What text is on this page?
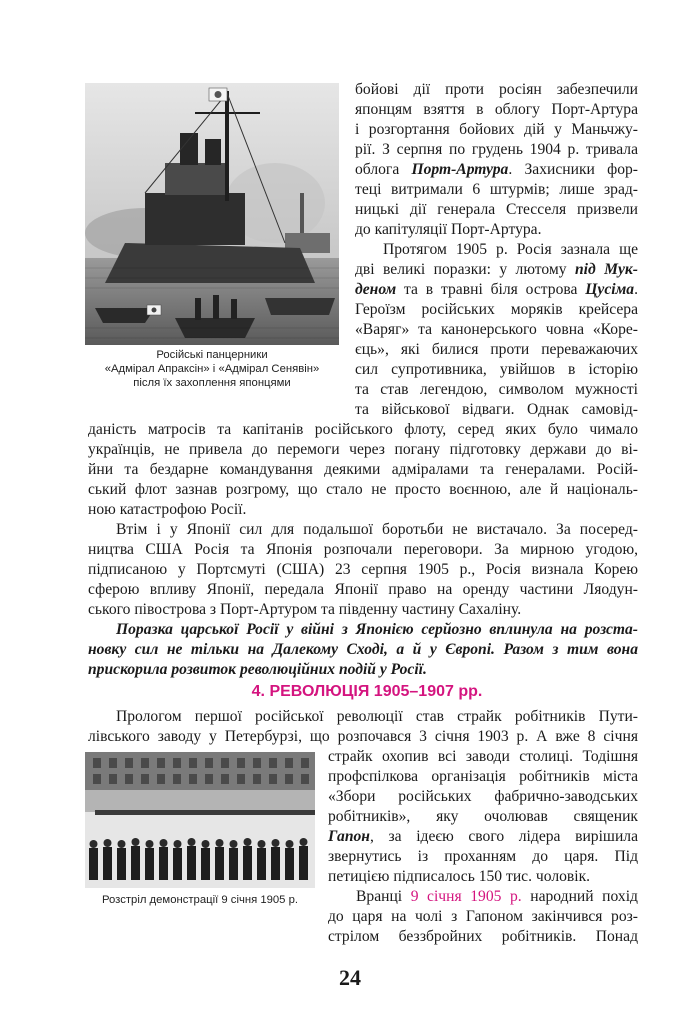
Російські панцерники
«Адмірал Апраксін» і «Адмірал Сенявін»
після їх захоплення японцями
бойові дії проти росіян забезпечили
японцям взяття в облогу Порт-Артура
і розгортання бойових дій у Маньчжу-
рії. З серпня по грудень 1904 р. тривала
облога Порт-Артура. Захисники фор-
теці витримали 6 штурмів; лише зрад-
ницькі дії генерала Стесселя призвели
до капітуляції Порт-Артура.
Протягом 1905 р. Росія зазнала ще
дві великі поразки: у лютому під Мук-
деном та в травні біля острова Цусіма.
Героїзм російських моряків крейсера
«Варяг» та канонерського човна «Коре-
єць», які билися проти переважаючих
сил супротивника, увійшов в історію
та став легендою, символом мужності
та військової відваги. Однак самовід-
даність матросів та капітанів російського флоту, серед яких було чимало
українців, не привела до перемоги через погану підготовку держави до ві-
йни та бездарне командування деякими адміралами та генералами. Росій-
ський флот зазнав розгрому, що стало не просто воєнною, але й національ-
ною катастрофою Росії.
Втім і у Японії сил для подальшої боротьби не вистачало. За посеред-
ництва США Росія та Японія розпочали переговори. За мирною угодою,
підписаною у Портсмуті (США) 23 серпня 1905 р., Росія визнала Корею
сферою впливу Японії, передала Японії право на оренду частини Ляодун-
ського півострова з Порт-Артуром та південну частину Сахаліну.
Поразка царської Росії у війні з Японією серйозно вплинула на розста-
новку сил не тільки на Далекому Сході, а й у Європі. Разом з тим вона
прискорила розвиток революційних подій у Росії.
4. РЕВОЛЮЦІЯ 1905–1907 рр.
Прологом першої російської революції став страйк робітників Пути-
лівського заводу у Петербурзі, що розпочався 3 січня 1903 р. А вже 8 січня
Розстріл демонстрації 9 січня 1905 р.
страйк охопив всі заводи столиці. Тодішня
профспілкова організація робітників міста
«Збори російських фабрично-заводських
робітників», яку очолював священик
Гапон, за ідеєю свого лідера вирішила
звернутись із проханням до царя. Під
петицією підписалось 150 тис. чоловік.
Вранці 9 січня 1905 р. народний похід
до царя на чолі з Гапоном закінчився роз-
стрілом беззбройних робітників. Понад
24
